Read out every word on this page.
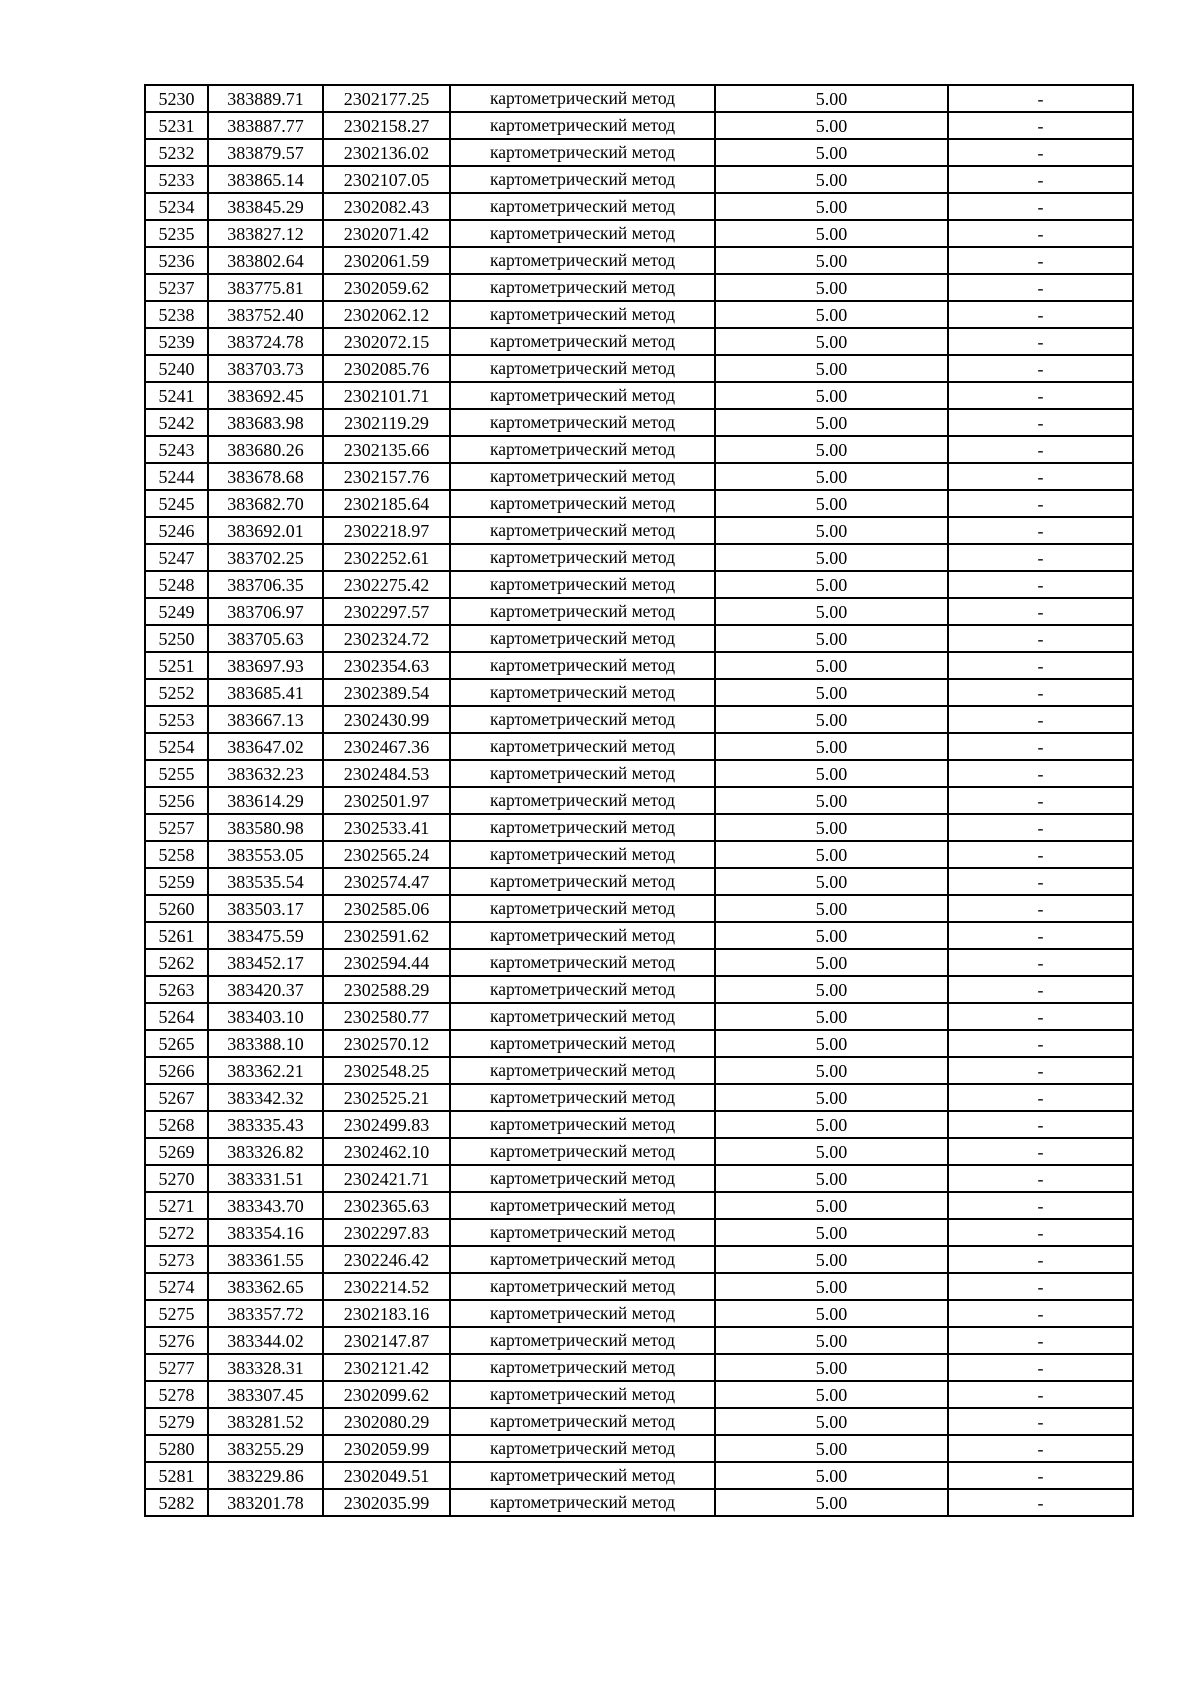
5230	383889.71	2302177.25	картометрический метод	5.00	-
5231	383887.77	2302158.27	картометрический метод	5.00	-
5232	383879.57	2302136.02	картометрический метод	5.00	-
5233	383865.14	2302107.05	картометрический метод	5.00	-
5234	383845.29	2302082.43	картометрический метод	5.00	-
5235	383827.12	2302071.42	картометрический метод	5.00	-
5236	383802.64	2302061.59	картометрический метод	5.00	-
5237	383775.81	2302059.62	картометрический метод	5.00	-
5238	383752.40	2302062.12	картометрический метод	5.00	-
5239	383724.78	2302072.15	картометрический метод	5.00	-
5240	383703.73	2302085.76	картометрический метод	5.00	-
5241	383692.45	2302101.71	картометрический метод	5.00	-
5242	383683.98	2302119.29	картометрический метод	5.00	-
5243	383680.26	2302135.66	картометрический метод	5.00	-
5244	383678.68	2302157.76	картометрический метод	5.00	-
5245	383682.70	2302185.64	картометрический метод	5.00	-
5246	383692.01	2302218.97	картометрический метод	5.00	-
5247	383702.25	2302252.61	картометрический метод	5.00	-
5248	383706.35	2302275.42	картометрический метод	5.00	-
5249	383706.97	2302297.57	картометрический метод	5.00	-
5250	383705.63	2302324.72	картометрический метод	5.00	-
5251	383697.93	2302354.63	картометрический метод	5.00	-
5252	383685.41	2302389.54	картометрический метод	5.00	-
5253	383667.13	2302430.99	картометрический метод	5.00	-
5254	383647.02	2302467.36	картометрический метод	5.00	-
5255	383632.23	2302484.53	картометрический метод	5.00	-
5256	383614.29	2302501.97	картометрический метод	5.00	-
5257	383580.98	2302533.41	картометрический метод	5.00	-
5258	383553.05	2302565.24	картометрический метод	5.00	-
5259	383535.54	2302574.47	картометрический метод	5.00	-
5260	383503.17	2302585.06	картометрический метод	5.00	-
5261	383475.59	2302591.62	картометрический метод	5.00	-
5262	383452.17	2302594.44	картометрический метод	5.00	-
5263	383420.37	2302588.29	картометрический метод	5.00	-
5264	383403.10	2302580.77	картометрический метод	5.00	-
5265	383388.10	2302570.12	картометрический метод	5.00	-
5266	383362.21	2302548.25	картометрический метод	5.00	-
5267	383342.32	2302525.21	картометрический метод	5.00	-
5268	383335.43	2302499.83	картометрический метод	5.00	-
5269	383326.82	2302462.10	картометрический метод	5.00	-
5270	383331.51	2302421.71	картометрический метод	5.00	-
5271	383343.70	2302365.63	картометрический метод	5.00	-
5272	383354.16	2302297.83	картометрический метод	5.00	-
5273	383361.55	2302246.42	картометрический метод	5.00	-
5274	383362.65	2302214.52	картометрический метод	5.00	-
5275	383357.72	2302183.16	картометрический метод	5.00	-
5276	383344.02	2302147.87	картометрический метод	5.00	-
5277	383328.31	2302121.42	картометрический метод	5.00	-
5278	383307.45	2302099.62	картометрический метод	5.00	-
5279	383281.52	2302080.29	картометрический метод	5.00	-
5280	383255.29	2302059.99	картометрический метод	5.00	-
5281	383229.86	2302049.51	картометрический метод	5.00	-
5282	383201.78	2302035.99	картометрический метод	5.00	-
